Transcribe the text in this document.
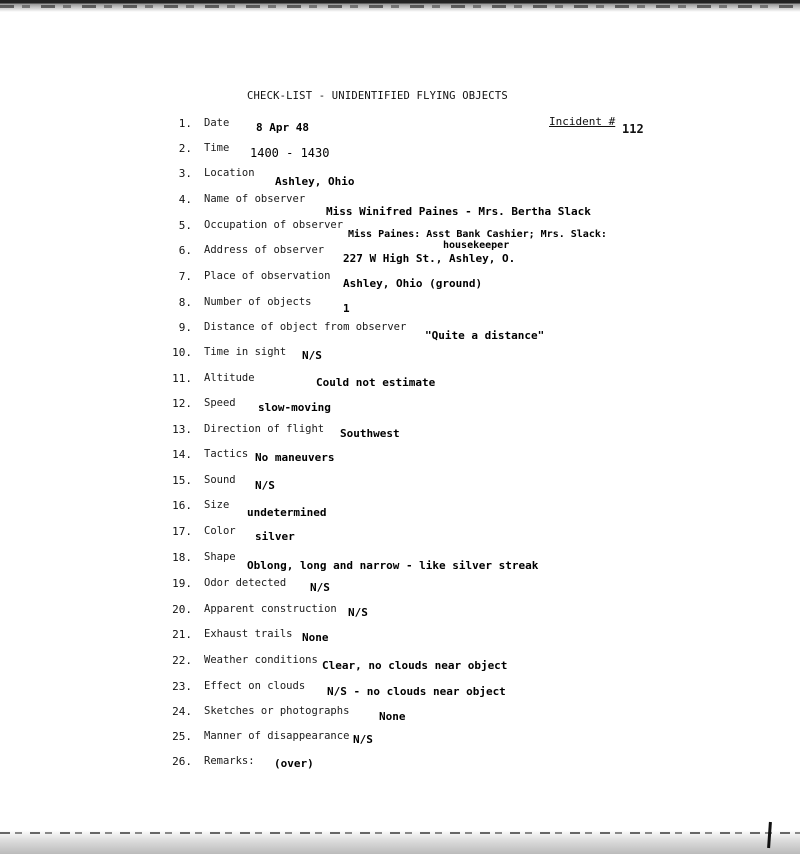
CHECK-LIST - UNIDENTIFIED FLYING OBJECTS
Incident #
112
1. Date 8 Apr 48
2. Time 1400 - 1430
3. Location
Ashley, Ohio
4. Name of observer
Miss Winifred Paines - Mrs. Bertha Slack
5. Occupation of observer
Miss Paines: Asst Bank Cashier; Mrs. Slack:
housekeeper
6. Address of observer
227 W High St., Ashley, O.
7. Place of observation
Ashley, Ohio (ground)
8. Number of objects	1
9. Distance of object from observer
"Quite a distance"
10. Time in sight N/S
11. Altitude	Could not estimate
12. Speed slow-moving
13. Direction of flight Southwest
14. Tactics No maneuvers
15. Sound N/S
16. Size
undetermined
17. Color silver
18. Shape
Oblong, long and narrow - like silver streak
19. Odor detected N/S
20. Apparent construction N/S
21. Exhaust trails None
22. Weather conditions Clear, no clouds near object
23. Effect on clouds N/S - no clouds near object
24. Sketches or photographs	None
25. Manner of disappearance N/S
26. Remarks: (over)
